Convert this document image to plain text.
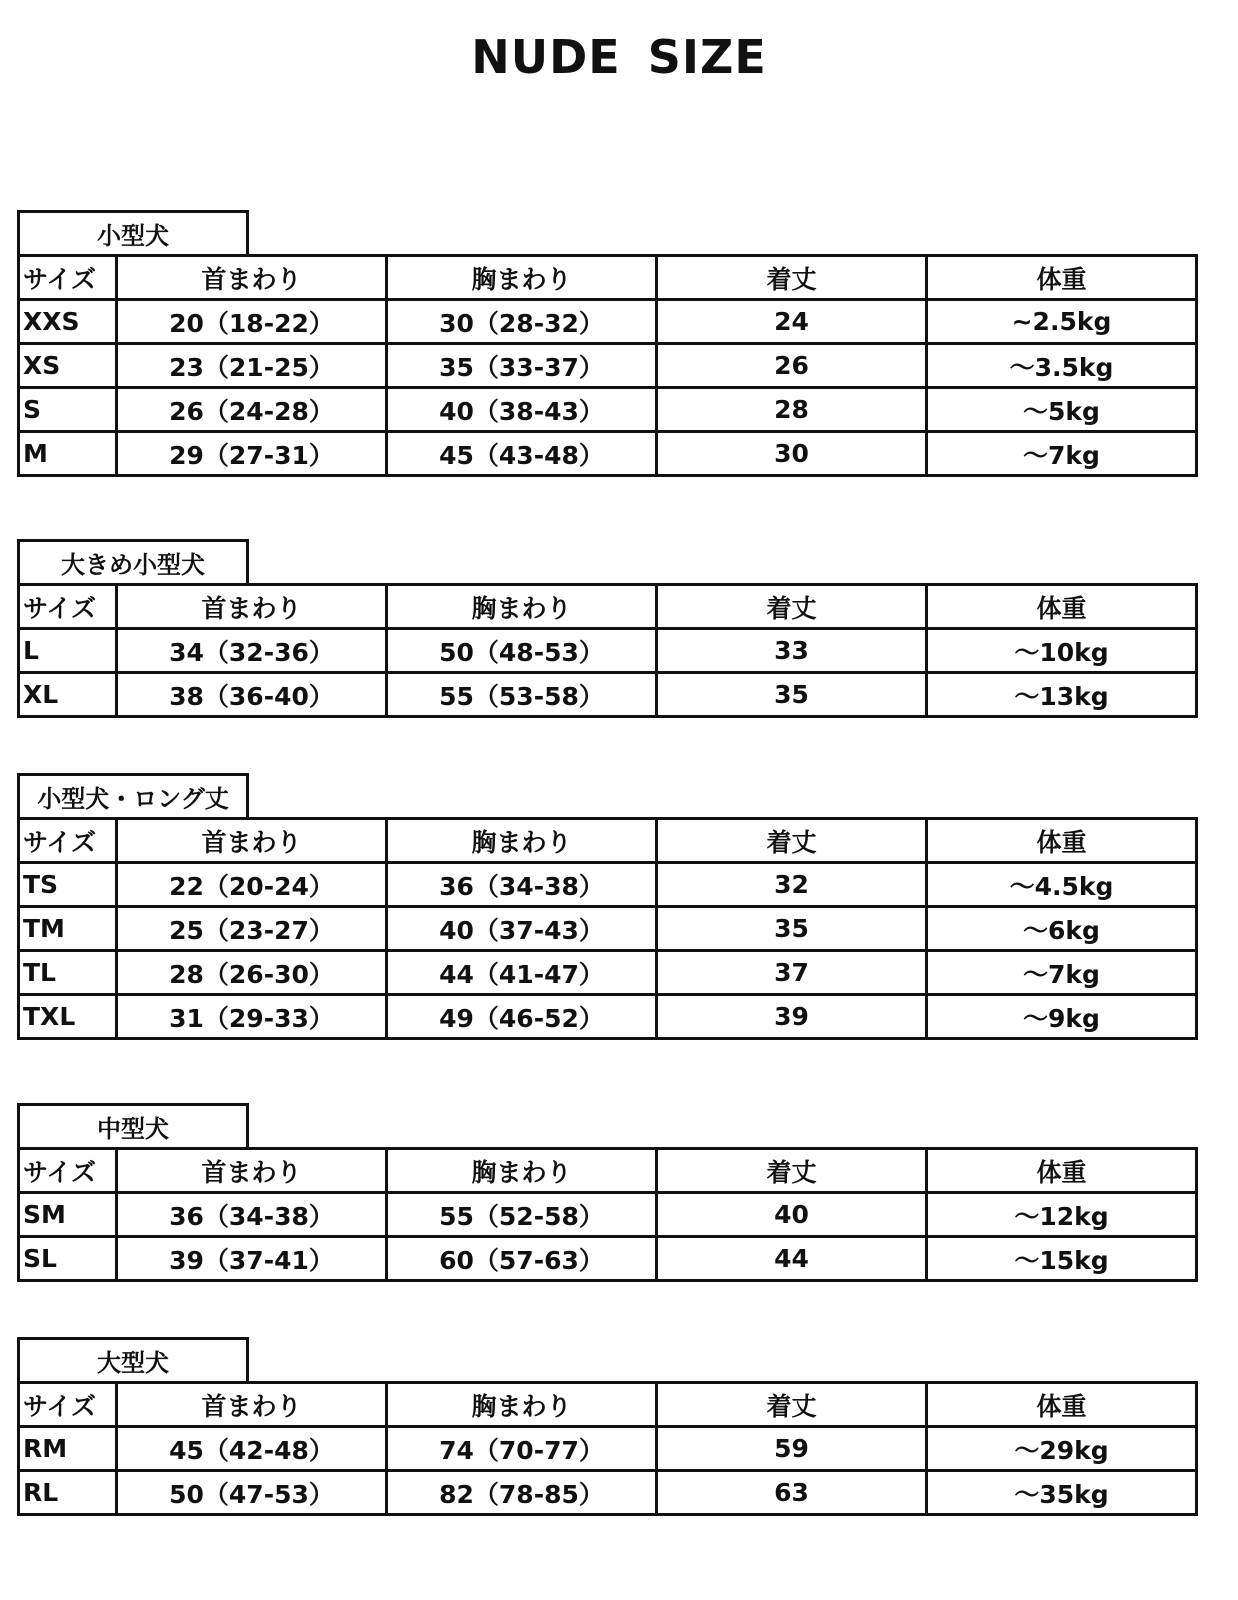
NUDE SIZE
小型犬
サイズ	首まわり	胸まわり	着丈	体重
XXS	20（18-22）	30（28-32）	24	~2.5kg
XS	23（21-25）	35（33-37）	26	～3.5kg
S	26（24-28）	40（38-43）	28	～5kg
M	29（27-31）	45（43-48）	30	～7kg
大きめ小型犬
サイズ	首まわり	胸まわり	着丈	体重
L	34（32-36）	50（48-53）	33	～10kg
XL	38（36-40）	55（53-58）	35	～13kg
小型犬・ロング丈
サイズ	首まわり	胸まわり	着丈	体重
TS	22（20-24）	36（34-38）	32	～4.5kg
TM	25（23-27）	40（37-43）	35	～6kg
TL	28（26-30）	44（41-47）	37	～7kg
TXL	31（29-33）	49（46-52）	39	～9kg
中型犬
サイズ	首まわり	胸まわり	着丈	体重
SM	36（34-38）	55（52-58）	40	～12kg
SL	39（37-41）	60（57-63）	44	～15kg
大型犬
サイズ	首まわり	胸まわり	着丈	体重
RM	45（42-48）	74（70-77）	59	～29kg
RL	50（47-53）	82（78-85）	63	～35kg
